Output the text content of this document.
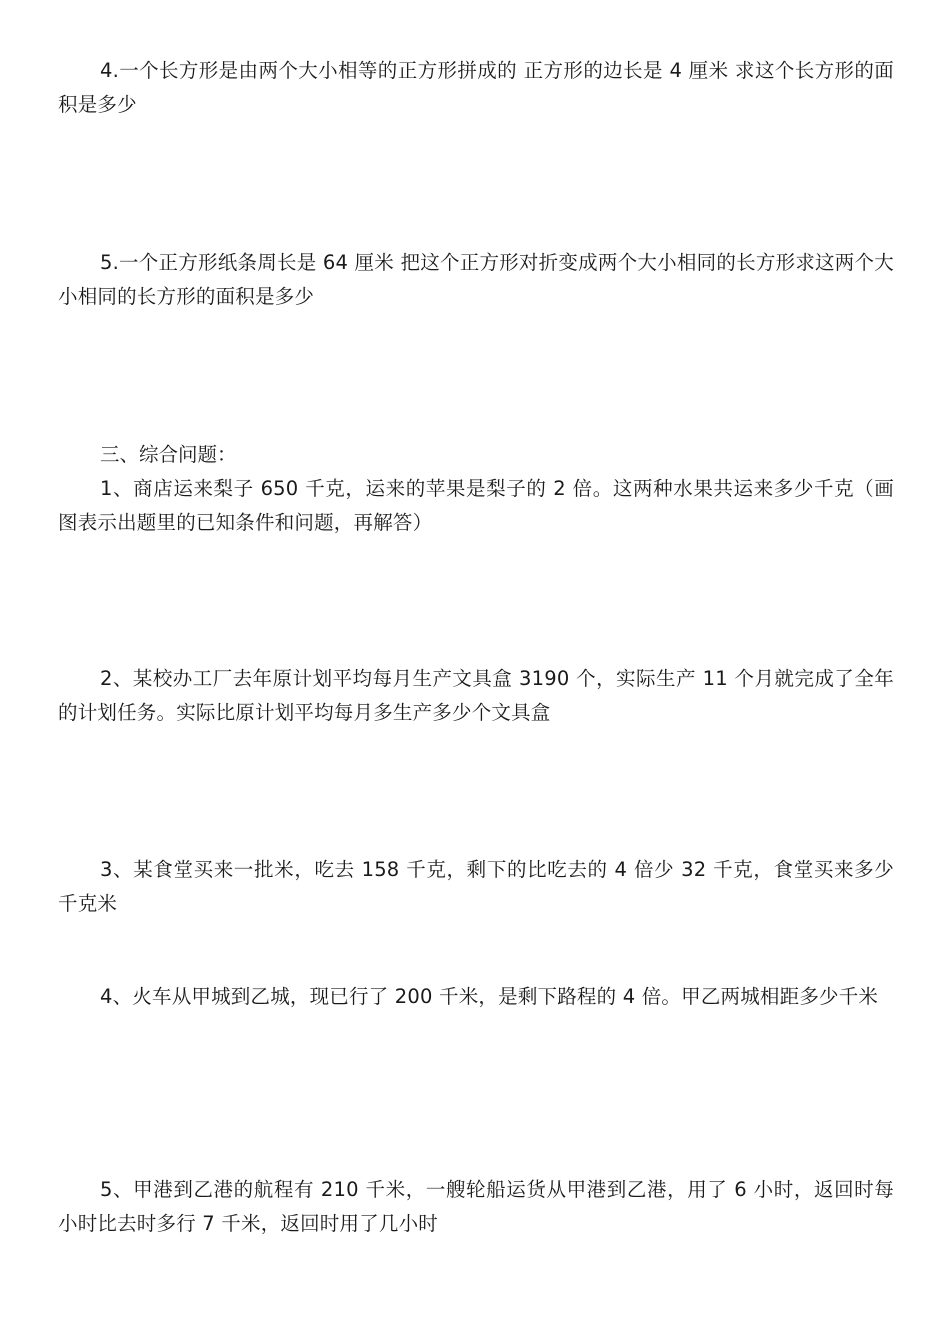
4.一个长方形是由两个大小相等的正方形拼成的 正方形的边长是 4 厘米 求这个长方形的面积是多少

5.一个正方形纸条周长是 64 厘米 把这个正方形对折变成两个大小相同的长方形求这两个大小相同的长方形的面积是多少

三、综合问题：

1、商店运来梨子 650 千克，运来的苹果是梨子的 2 倍。这两种水果共运来多少千克（画图表示出题里的已知条件和问题，再解答）

2、某校办工厂去年原计划平均每月生产文具盒 3190 个，实际生产 11 个月就完成了全年的计划任务。实际比原计划平均每月多生产多少个文具盒

3、某食堂买来一批米，吃去 158 千克，剩下的比吃去的 4 倍少 32 千克，食堂买来多少千克米

4、火车从甲城到乙城，现已行了 200 千米，是剩下路程的 4 倍。甲乙两城相距多少千米

5、甲港到乙港的航程有 210 千米，一艘轮船运货从甲港到乙港，用了 6 小时，返回时每小时比去时多行 7 千米，返回时用了几小时
